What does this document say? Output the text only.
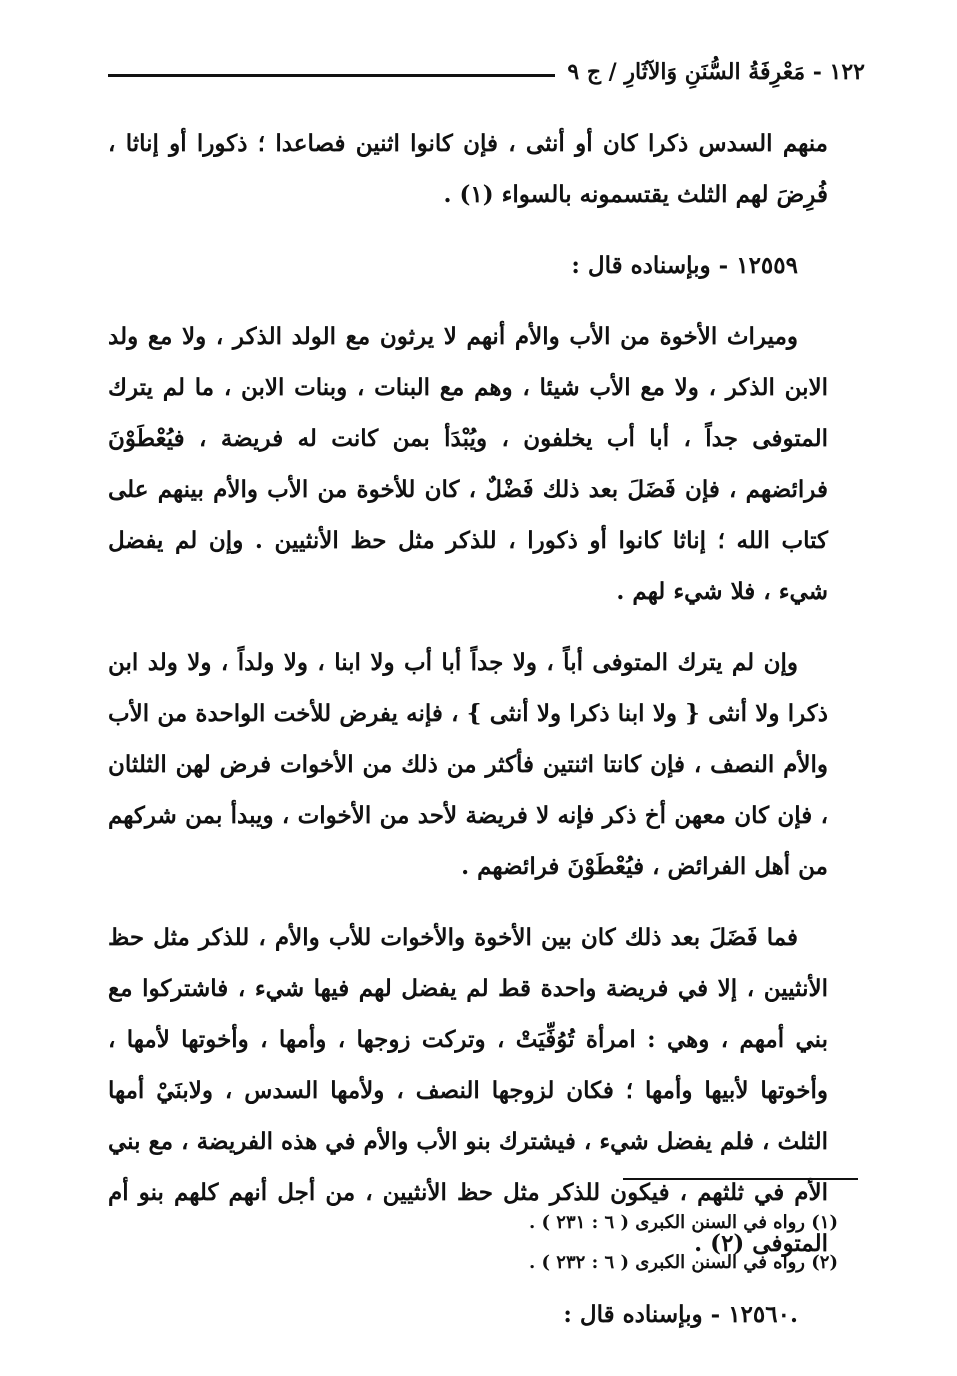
١٢٢ - مَعْرِفَةُ السُّنَنِ وَالآثَارِ / ج ٩

منهم السدس ذكرا كان أو أنثى ، فإن كانوا اثنين فصاعدا ؛ ذكورا أو إناثا ، فُرِضَ لهم الثلث يقتسمونه بالسواء (١) .

١٢٥٥٩ - وبإسناده قال :

وميراث الأخوة من الأب والأم أنهم لا يرثون مع الولد الذكر ، ولا مع ولد الابن الذكر ، ولا مع الأب شيئا ، وهم مع البنات ، وبنات الابن ، ما لم يترك المتوفى جداً ، أبا أب يخلفون ، ويُبْدَأ بمن كانت له فريضة ، فيُعْطَوْنَ فرائضهم ، فإن فَضَلَ بعد ذلك فَضْلٌ ، كان للأخوة من الأب والأم بينهم على كتاب الله ؛ إناثا كانوا أو ذكورا ، للذكر مثل حظ الأنثيين . وإن لم يفضل شيء ، فلا شيء لهم .

وإن لم يترك المتوفى أباً ، ولا جداً أبا أب ولا ابنا ، ولا ولداً ، ولا ولد ابن ذكرا ولا أنثى { ولا ابنا ذكرا ولا أنثى } ، فإنه يفرض للأخت الواحدة من الأب والأم النصف ، فإن كانتا اثنتين فأكثر من ذلك من الأخوات فرض لهن الثلثان ، فإن كان معهن أخ ذكر فإنه لا فريضة لأحد من الأخوات ، ويبدأ بمن شركهم من أهل الفرائض ، فيُعْطَوْنَ فرائضهم .

فما فَضَلَ بعد ذلك كان بين الأخوة والأخوات للأب والأم ، للذكر مثل حظ الأنثيين ، إلا في فريضة واحدة قط لم يفضل لهم فيها شيء ، فاشتركوا مع بني أمهم ، وهي : امرأة تُوُفِّيَتْ ، وتركت زوجها ، وأمها ، وأخوتها لأمها ، وأخوتها لأبيها وأمها ؛ فكان لزوجها النصف ، ولأمها السدس ، ولابنَيْ أمها الثلث ، فلم يفضل شيء ، فيشترك بنو الأب والأم في هذه الفريضة ، مع بني الأم في ثلثهم ، فيكون للذكر مثل حظ الأنثيين ، من أجل أنهم كلهم بنو أم المتوفى (٢) .

.١٢٥٦٠ - وبإسناده قال :

(١) رواه في السنن الكبرى ( ٦ : ٢٣١ ) .
(٢) رواه في السنن الكبرى ( ٦ : ٢٣٢ ) .
